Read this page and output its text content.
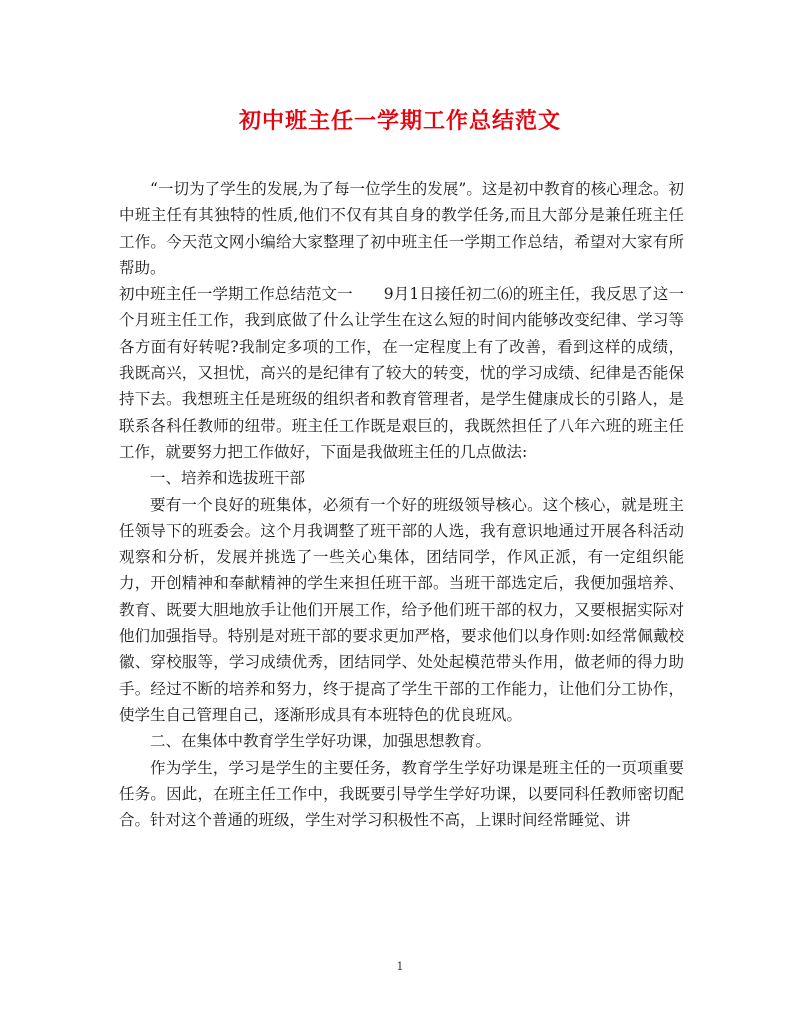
初中班主任一学期工作总结范文

“一切为了学生的发展,为了每一位学生的发展”。这是初中教育的核心理念。初中班主任有其独特的性质,他们不仅有其自身的教学任务,而且大部分是兼任班主任工作。今天范文网小编给大家整理了初中班主任一学期工作总结，希望对大家有所帮助。

初中班主任一学期工作总结范文一　　9月1日接任初二⑹的班主任，我反思了这一个月班主任工作，我到底做了什么让学生在这么短的时间内能够改变纪律、学习等各方面有好转呢?我制定多项的工作，在一定程度上有了改善，看到这样的成绩，我既高兴，又担忧，高兴的是纪律有了较大的转变，忧的学习成绩、纪律是否能保持下去。我想班主任是班级的组织者和教育管理者，是学生健康成长的引路人，是联系各科任教师的纽带。班主任工作既是艰巨的，我既然担任了八年六班的班主任工作，就要努力把工作做好，下面是我做班主任的几点做法:

一、培养和选拔班干部

要有一个良好的班集体，必须有一个好的班级领导核心。这个核心，就是班主任领导下的班委会。这个月我调整了班干部的人选，我有意识地通过开展各科活动观察和分析，发展并挑选了一些关心集体，团结同学，作风正派，有一定组织能力，开创精神和奉献精神的学生来担任班干部。当班干部选定后，我便加强培养、教育、既要大胆地放手让他们开展工作，给予他们班干部的权力，又要根据实际对他们加强指导。特别是对班干部的要求更加严格，要求他们以身作则:如经常佩戴校徽、穿校服等，学习成绩优秀，团结同学、处处起模范带头作用，做老师的得力助手。经过不断的培养和努力，终于提高了学生干部的工作能力，让他们分工协作，使学生自己管理自己，逐渐形成具有本班特色的优良班风。

二、在集体中教育学生学好功课，加强思想教育。

作为学生，学习是学生的主要任务，教育学生学好功课是班主任的一页项重要任务。因此，在班主任工作中，我既要引导学生学好功课，以要同科任教师密切配合。针对这个普通的班级，学生对学习积极性不高，上课时间经常睡觉、讲

1
